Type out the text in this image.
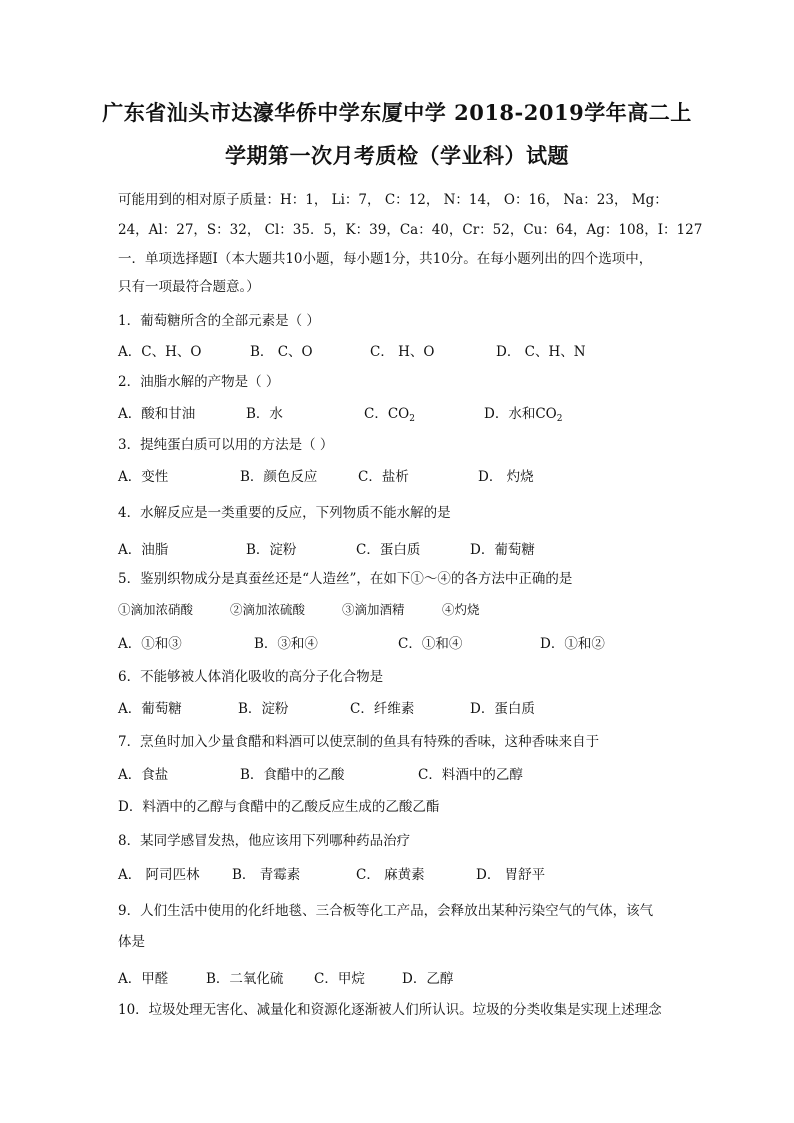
广东省汕头市达濠华侨中学东厦中学 2018-2019学年高二上
学期第一次月考质检（学业科）试题
可能用到的相对原子质量：H：1， Li：7， C：12， N：14， O：16， Na：23， Mg：
24，Al：27，S：32， Cl：35．5，K：39，Ca：40，Cr：52，Cu：64，Ag：108，I：127
一．单项选择题Ⅰ（本大题共10小题，每小题1分，共10分。在每小题列出的四个选项中，
只有一项最符合题意。）
1．葡萄糖所含的全部元素是（ ）
A．C、H、O	B． C、O	C． H、O	D． C、H、N
2．油脂水解的产物是（ ）
A．酸和甘油	B．水	C．$CO_2$	D．水和$CO_2$
3．提纯蛋白质可以用的方法是（ ）
A．变性	B．颜色反应	C．盐析	D． 灼烧
4．水解反应是一类重要的反应，下列物质不能水解的是
A．油脂	B．淀粉	C．蛋白质	D．葡萄糖
5．鉴别织物成分是真蚕丝还是“人造丝”，在如下①～④的各方法中正确的是
①滴加浓硝酸	②滴加浓硫酸	③滴加酒精	④灼烧
A．①和③	B．③和④	C．①和④	D．①和②
6．不能够被人体消化吸收的高分子化合物是
A．葡萄糖	B．淀粉	C．纤维素	D．蛋白质
7．烹鱼时加入少量食醋和料酒可以使烹制的鱼具有特殊的香味，这种香味来自于
A．食盐	B．食醋中的乙酸	C．料酒中的乙醇
D．料酒中的乙醇与食醋中的乙酸反应生成的乙酸乙酯
8．某同学感冒发热，他应该用下列哪种药品治疗
A． 阿司匹林 B． 青霉素	C． 麻黄素	D． 胃舒平
9．人们生活中使用的化纤地毯、三合板等化工产品，会释放出某种污染空气的气体，该气
体是
A．甲醛	B．二氧化硫 C．甲烷	D．乙醇
10．垃圾处理无害化、减量化和资源化逐渐被人们所认识。垃圾的分类收集是实现上述理念
